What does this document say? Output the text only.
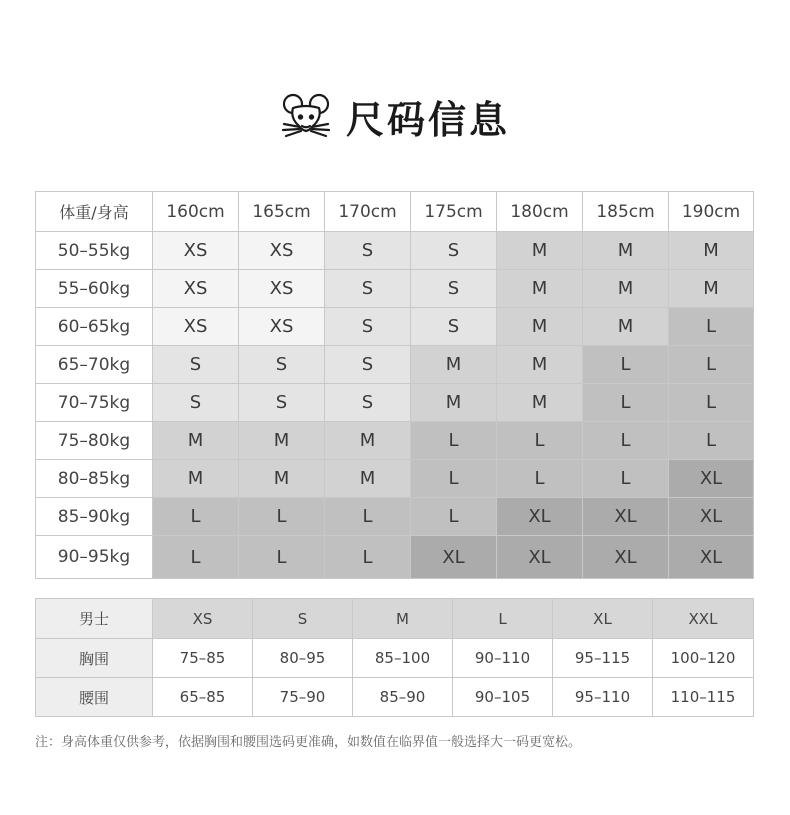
尺码信息
体重/身高	160cm	165cm	170cm	175cm	180cm	185cm	190cm
50–55kg	XS	XS	S	S	M	M	M
55–60kg	XS	XS	S	S	M	M	M
60–65kg	XS	XS	S	S	M	M	L
65–70kg	S	S	S	M	M	L	L
70–75kg	S	S	S	M	M	L	L
75–80kg	M	M	M	L	L	L	L
80–85kg	M	M	M	L	L	L	XL
85–90kg	L	L	L	L	XL	XL	XL
90–95kg	L	L	L	XL	XL	XL	XL
男士	XS	S	M	L	XL	XXL
胸围	75–85	80–95	85–100	90–110	95–115	100–120
腰围	65–85	75–90	85–90	90–105	95–110	110–115
注：身高体重仅供参考，依据胸围和腰围选码更准确，如数值在临界值一般选择大一码更宽松。
